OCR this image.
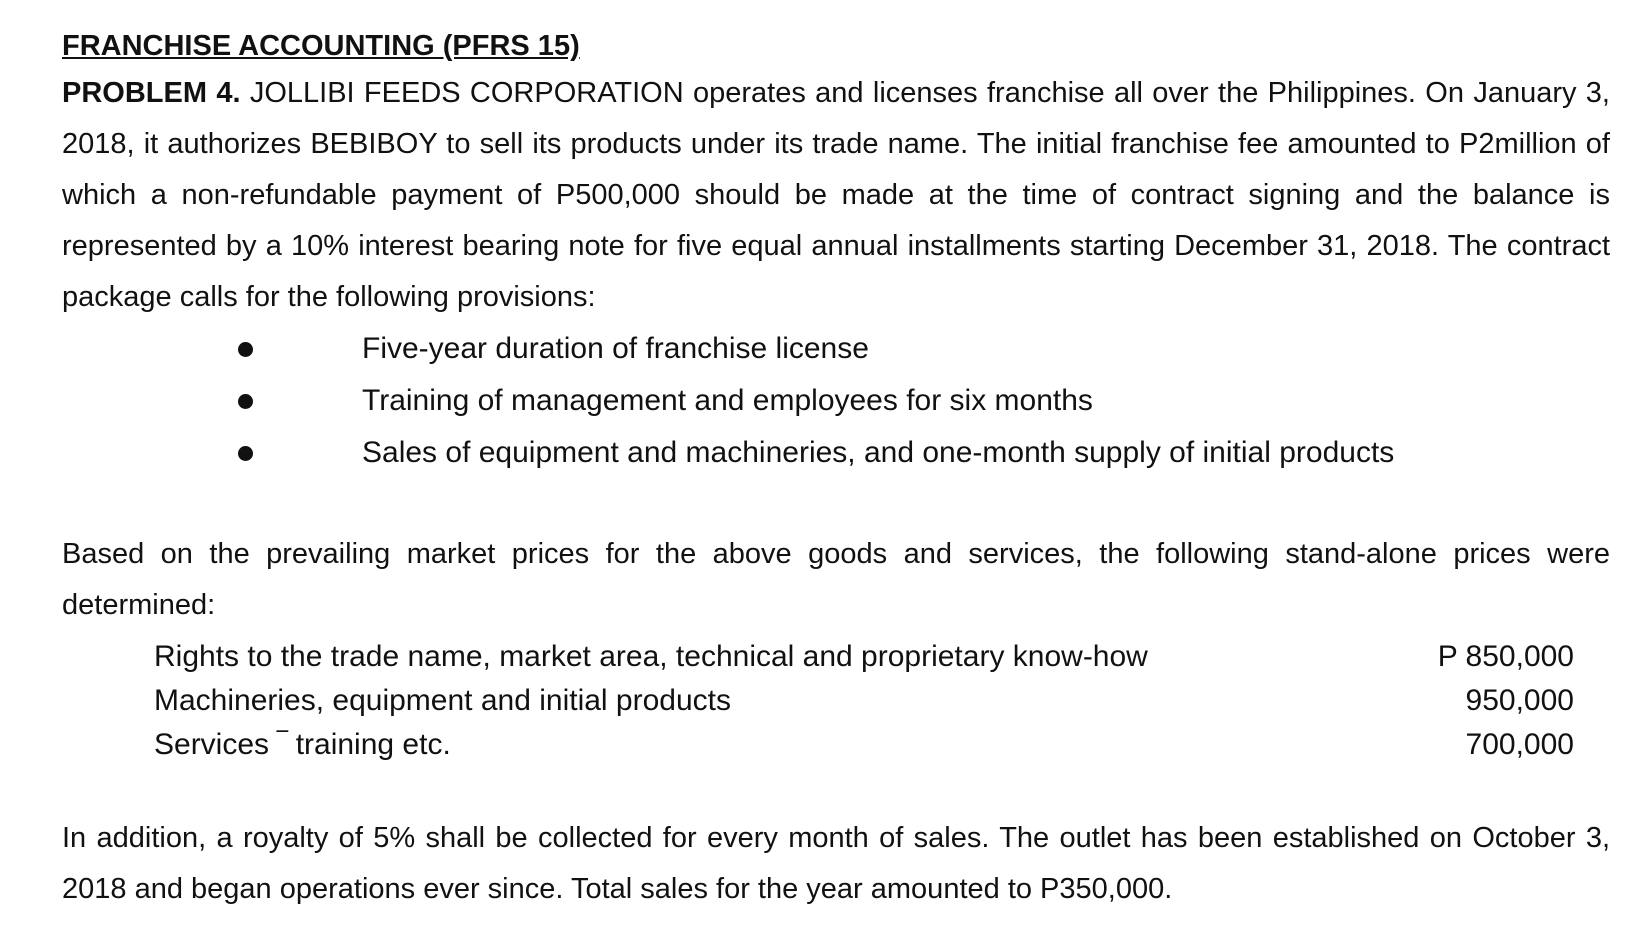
FRANCHISE ACCOUNTING (PFRS 15)

PROBLEM 4. JOLLIBI FEEDS CORPORATION operates and licenses franchise all over the Philippines. On January 3, 2018, it authorizes BEBIBOY to sell its products under its trade name. The initial franchise fee amounted to P2million of which a non-refundable payment of P500,000 should be made at the time of contract signing and the balance is represented by a 10% interest bearing note for five equal annual installments starting December 31, 2018. The contract package calls for the following provisions:

Five-year duration of franchise license
Training of management and employees for six months
Sales of equipment and machineries, and one-month supply of initial products

Based on the prevailing market prices for the above goods and services, the following stand-alone prices were determined:

Rights to the trade name, market area, technical and proprietary know-how	P 850,000
Machineries, equipment and initial products	950,000
Services ‾ training etc.	700,000

In addition, a royalty of 5% shall be collected for every month of sales. The outlet has been established on October 3, 2018 and began operations ever since. Total sales for the year amounted to P350,000.
